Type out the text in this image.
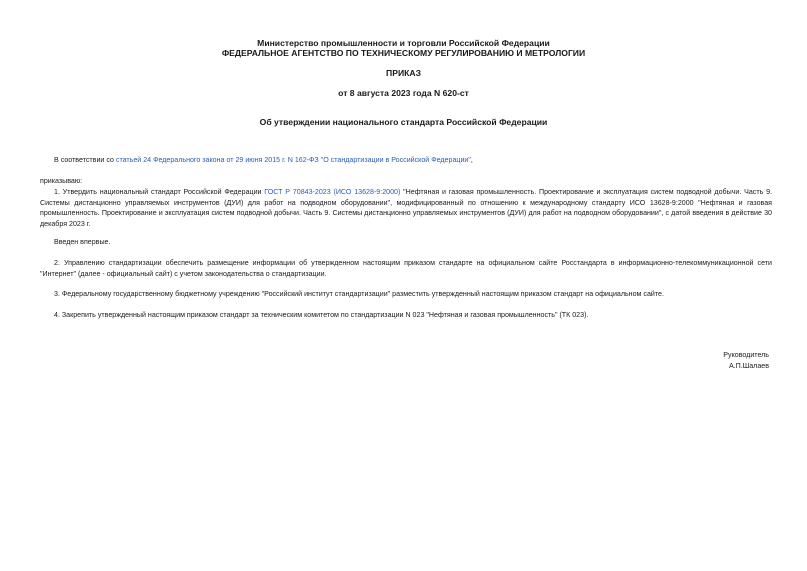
Министерство промышленности и торговли Российской Федерации
ФЕДЕРАЛЬНОЕ АГЕНТСТВО ПО ТЕХНИЧЕСКОМУ РЕГУЛИРОВАНИЮ И МЕТРОЛОГИИ
ПРИКАЗ
от 8 августа 2023 года N 620-ст
Об утверждении национального стандарта Российской Федерации
В соответствии со статьей 24 Федерального закона от 29 июня 2015 г. N 162-ФЗ "О стандартизации в Российской Федерации",
приказываю:
1. Утвердить национальный стандарт Российской Федерации ГОСТ Р 70843-2023 (ИСО 13628-9:2000) "Нефтяная и газовая промышленность. Проектирование и эксплуатация систем подводной добычи. Часть 9. Системы дистанционно управляемых инструментов (ДУИ) для работ на подводном оборудовании", модифицированный по отношению к международному стандарту ИСО 13628-9:2000 "Нефтяная и газовая промышленность. Проектирование и эксплуатация систем подводной добычи. Часть 9. Системы дистанционно управляемых инструментов (ДУИ) для работ на подводном оборудовании", с датой введения в действие 30 декабря 2023 г.
Введен впервые.
2. Управлению стандартизации обеспечить размещение информации об утвержденном настоящим приказом стандарте на официальном сайте Росстандарта в информационно-телекоммуникационной сети "Интернет" (далее - официальный сайт) с учетом законодательства о стандартизации.
3. Федеральному государственному бюджетному учреждению "Российский институт стандартизации" разместить утвержденный настоящим приказом стандарт на официальном сайте.
4. Закрепить утвержденный настоящим приказом стандарт за техническим комитетом по стандартизации N 023 "Нефтяная и газовая промышленность" (ТК 023).
Руководитель
А.П.Шалаев
